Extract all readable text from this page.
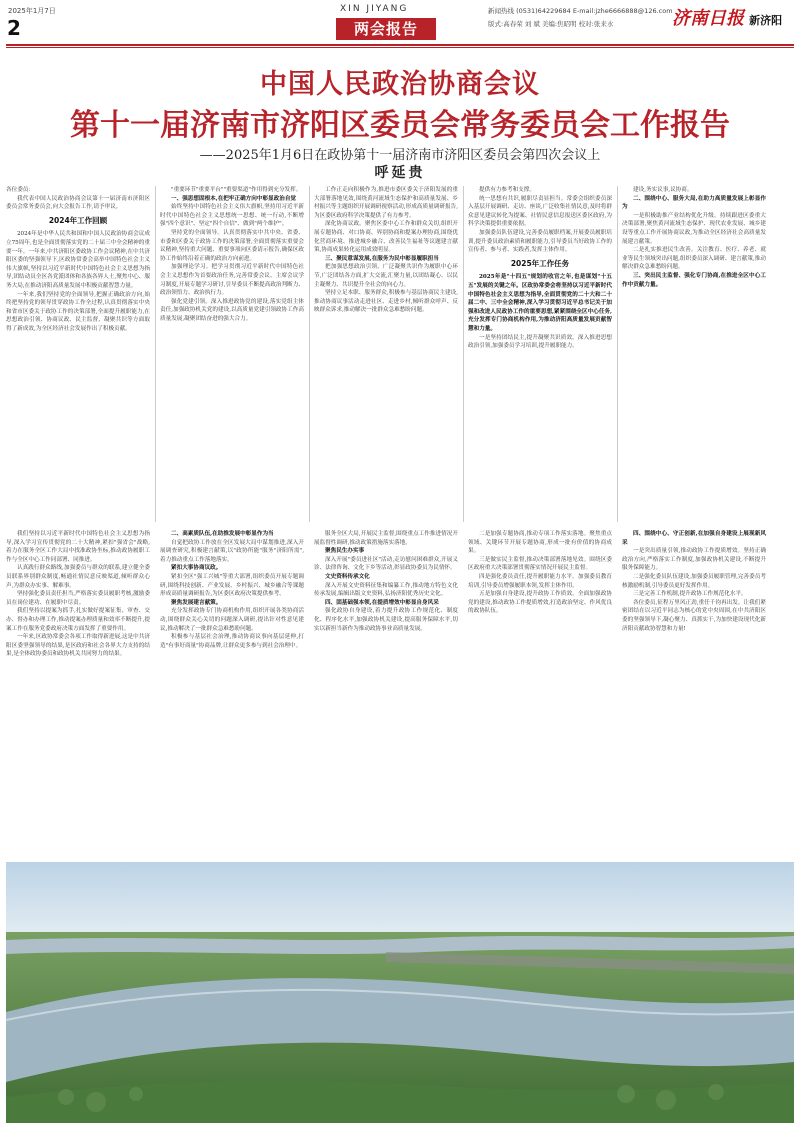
2025年1月7日
2
XIN JIYANG
两会报告
新闻热线 (0531)64229684 E-mail:jzhe6666888@126.com
版式:高春荣 刘 斌 美编:焦昭明 校对:张来水	济南日报 新济阳
中国人民政治协商会议
第十一届济南市济阳区委员会常务委员会工作报告
——2025年1月6日在政协第十一届济南市济阳区委员会第四次会议上
呼延贵

各位委员：

我代表中国人民政治协商会议第十一届济南市济阳区委员会常务委员会,向大会报告工作,请予审议。

2024年工作回顾

2024年是中华人民共和国和中国人民政治协商会议成立75周年,也是全面贯彻落实党的二十届三中全会精神的重要一年。一年来,中共济阳区委政协工作会议精神,在中共济阳区委的坚强领导下,区政协常委会高举中国特色社会主义伟大旗帜,坚持以习近平新时代中国特色社会主义思想为指导,团结动员全区各党派团体和各族各界人士,聚焦中心、服务大局,在推动济阳高质量发展中积极贡献智慧力量。

一年来,我们坚持党的全面领导,把握正确政治方向,始终把坚持党的领导贯穿政协工作全过程,认真贯彻落实中央和省市区委关于政协工作的决策部署,全面提升履职能力,在思想政治引领、协商议政、民主监督、凝聚共识等方面取得了新成效,为全区经济社会发展作出了积极贡献。

"重要环节"重要平台""重要渠道"作用得到充分发挥。

一、强思想固根本,在把牢正确方向中彰显政治自觉

始终坚持中国特色社会主义伟大旗帜,坚持用习近平新时代中国特色社会主义思想统一思想、统一行动,不断增强"四个意识"、坚定"四个自信"、做到"两个维护"。

坚持党的全面领导。认真贯彻落实中共中央、省委、市委和区委关于政协工作的决策部署,全面贯彻落实重要会议精神,坚持重大问题、重要事项向区委请示报告,确保区政协工作始终沿着正确的政治方向前进。

加强理论学习。把学习贯彻习近平新时代中国特色社会主义思想作为首要政治任务,完善常委会议、主席会议学习制度,开展专题学习研讨,引导委员不断提高政治判断力、政治领悟力、政治执行力。

强化党建引领。深入推进政协党的建设,落实党组主体责任,加强政协机关党的建设,以高质量党建引领政协工作高质量发展,凝聚团结奋进的强大合力。

工作正走向积极作为,推进市委区委关于济阳发展的重大部署落地见效,围绕黄河流域生态保护和高质量发展、乡村振兴等主题组织开展调研视察活动,形成高质量调研报告,为区委区政府科学决策提供了有力参考。

深化协商议政。聚焦区委中心工作和群众关切,组织开展专题协商、对口协商、界别协商和提案办理协商,围绕优化营商环境、推进城乡融合、改善民生福祉等议题建言献策,协商成果转化运用成效明显。

三、聚民意谋发展,在服务为民中彰显履职担当

把加强思想政治引领、广泛凝聚共识作为履职中心环节,广泛团结各方面,扩大交流,汇聚力量,以团结凝心、以民主凝聚力、共识提升全社会的向心力。

坚持立足本职、服务群众,积极参与基层协商民主建设,推动协商议事活动走进社区、走进乡村,倾听群众呼声、反映群众诉求,推动解决一批群众急难愁盼问题。

提供有力参考和支撑。

统一思想有共识,履职尽责显担当。常委会组织委员深入基层开展调研、走访、座谈,广泛收集社情民意,及时将群众意见建议转化为提案、社情民意信息报送区委区政府,为科学决策提供重要依据。

加强委员队伍建设,完善委员履职档案,开展委员履职培训,提升委员政治素质和履职能力,引导委员当好政协工作的宣传者、参与者、实践者,发挥主体作用。

2025年工作任务

2025年是"十四五"规划的收官之年,也是谋划"十五五"发展的关键之年。区政协常委会将坚持以习近平新时代中国特色社会主义思想为指导,全面贯彻党的二十大和二十届二中、三中全会精神,深入学习贯彻习近平总书记关于加强和改进人民政协工作的重要思想,紧紧围绕全区中心任务,充分发挥专门协商机构作用,为推动济阳高质量发展贡献智慧和力量。

一是坚持团结民主,提升凝聚共识质效。深入推进思想政治引领,加强委员学习培训,提升履职能力。

建设,务实议事,议协商。

二、围绕中心、服务大局,在助力高质量发展上彰显作为

一是积极助推产业结构优化升级。持续跟进区委重大决策部署,聚焦黄河流域生态保护、现代农业发展、城乡建设等重点工作开展协商议政,为推动全区经济社会高质量发展建言献策。

二是扎实推进民生改善。关注教育、医疗、养老、就业等民生领域突出问题,组织委员深入调研、建言献策,推动解决群众急难愁盼问题。

三、突出民主监督、强化专门协商,在推进全区中心工作中贡献力量。

我们坚持以习近平新时代中国特色社会主义思想为指导,深入学习宣传贯彻党的二十大精神,紧扣"强省会"战略,着力在服务全区工作大局中找准政协坐标,推动政协履职工作与全区中心工作同部署、同推进。

认真践行群众路线,加强委员与群众的联系,建立健全委员联系界别群众制度,畅通社情民意反映渠道,倾听群众心声,为群众办实事、解难事。

坚持强化委员责任担当,严格落实委员履职考核,激励委员在岗位建功、在履职中尽责。

我们坚持以提案为抓手,扎实做好提案征集、审查、交办、督办和办理工作,推动提案办理质量和效率不断提升,提案工作在服务党委政府决策方面发挥了重要作用。

一年来,区政协常委会各项工作取得新进展,这是中共济阳区委坚强领导的结果,是区政府和社会各界大力支持的结果,是全体政协委员和政协机关共同努力的结果。

二、高素质队伍,在助推发展中彰显作为当

自觉把政协工作放在全区发展大局中谋划推进,深入开展调查研究,积极建言献策,以"政协所能"服务"济阳所需",着力推动重点工作落地落实。

紧扣大事协商议政。

紧扣全区"强工兴城"等重大部署,组织委员开展专题调研,围绕科技创新、产业发展、乡村振兴、城乡融合等课题形成高质量调研报告,为区委区政府决策提供参考。

聚焦发展建言献策。

充分发挥政协专门协商机构作用,组织开展各类协商活动,围绕群众关心关切的问题深入调研,提出针对性意见建议,推动解决了一批群众急难愁盼问题。

积极参与基层社会治理,推动协商议事向基层延伸,打造"有事好商量"协商品牌,让群众更多参与到社会治理中。

服务全区大局,开展民主监督,围绕重点工作推进情况开展监督性调研,推动政策措施落实落地。

聚焦民生办实事

深入开展"委员进社区"活动,走访慰问困难群众,开展义诊、法律咨询、文化下乡等活动,彰显政协委员为民情怀。

文史资料传承文化

深入开展文史资料征集和编纂工作,推动地方特色文化传承发展,编辑出版文史资料,弘扬济阳优秀历史文化。

四、固基础强本领,在提质增效中彰显自身风采

强化政协自身建设,着力提升政协工作规范化、制度化、程序化水平,加强政协机关建设,提高服务保障水平,切实以新担当新作为推动政协事业高质量发展。

二是加强专题协商,推动专项工作落实落地。聚焦重点领域、关键环节开展专题协商,形成一批有价值的协商成果。

三是做实民主监督,推动决策部署落地见效。围绕区委区政府重大决策部署贯彻落实情况开展民主监督。

四是强化委员责任,提升履职能力水平。加强委员教育培训,引导委员增强履职本领,发挥主体作用。

五是加强自身建设,提升政协工作质效。全面加强政协党的建设,推动政协工作提质增效,打造政治坚定、作风优良的政协队伍。

四、围绕中心、守正创新,在加强自身建设上展现新风采

一是突出质量引领,推动政协工作提质增效。坚持正确政治方向,严格落实工作制度,加强政协机关建设,不断提升服务保障能力。

二是强化委员队伍建设,加强委员履职管理,完善委员考核激励机制,引导委员更好发挥作用。

三是完善工作机制,提升政协工作规范化水平。

各位委员,征程万里风正劲,重任千钧再出发。让我们紧密团结在以习近平同志为核心的党中央周围,在中共济阳区委的坚强领导下,凝心聚力、真抓实干,为加快建设现代化新济阳贡献政协智慧和力量!
